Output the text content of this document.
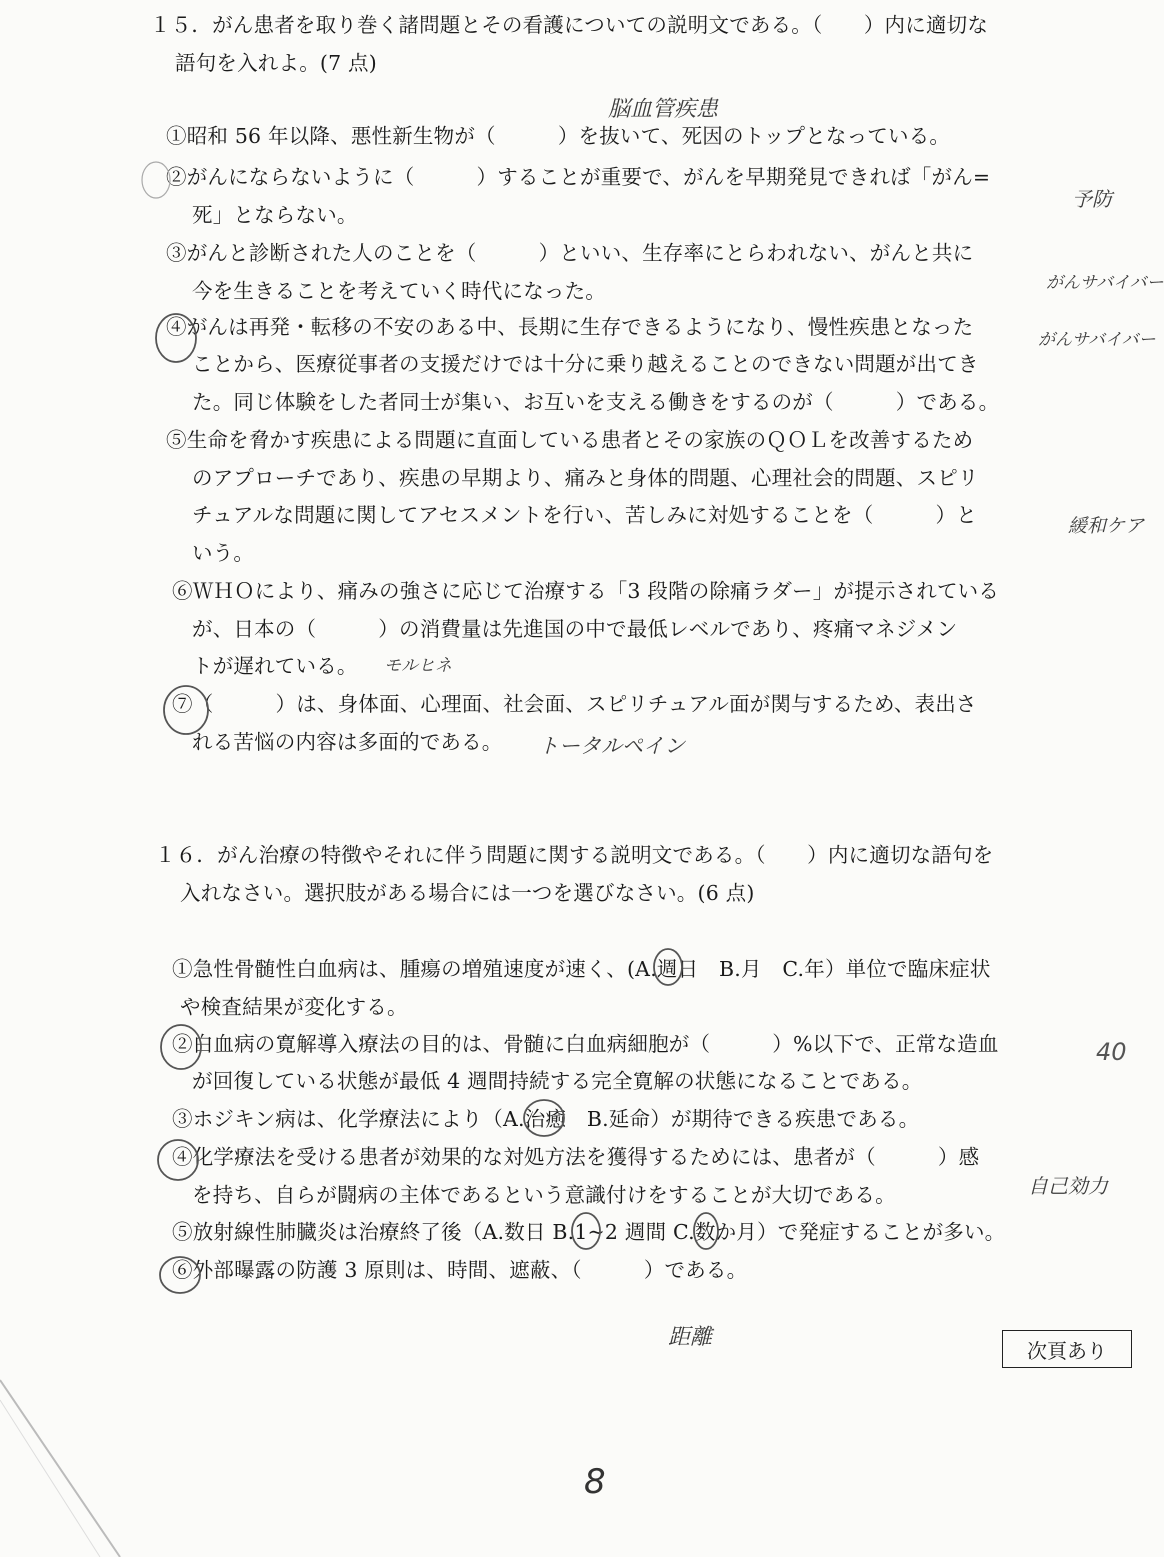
１５．がん患者を取り巻く諸問題とその看護についての説明文である。（　　）内に適切な
語句を入れよ。(7 点)
①昭和 56 年以降、悪性新生物が（　　　）を抜いて、死因のトップとなっている。
②がんにならないように（　　　）することが重要で、がんを早期発見できれば「がん=
死」とならない。
③がんと診断された人のことを（　　　）といい、生存率にとらわれない、がんと共に
今を生きることを考えていく時代になった。
④がんは再発・転移の不安のある中、長期に生存できるようになり、慢性疾患となった
ことから、医療従事者の支援だけでは十分に乗り越えることのできない問題が出てき
た。同じ体験をした者同士が集い、お互いを支える働きをするのが（　　　）である。
⑤生命を脅かす疾患による問題に直面している患者とその家族のＱＯＬを改善するため
のアプローチであり、疾患の早期より、痛みと身体的問題、心理社会的問題、スピリ
チュアルな問題に関してアセスメントを行い、苦しみに対処することを（　　　）と
いう。
⑥ＷＨＯにより、痛みの強さに応じて治療する「3 段階の除痛ラダー」が提示されている
が、日本の（　　　）の消費量は先進国の中で最低レベルであり、疼痛マネジメン
トが遅れている。
⑦（　　　）は、身体面、心理面、社会面、スピリチュアル面が関与するため、表出さ
れる苦悩の内容は多面的である。
１６．がん治療の特徴やそれに伴う問題に関する説明文である。（　　）内に適切な語句を
入れなさい。選択肢がある場合には一つを選びなさい。(6 点)
①急性骨髄性白血病は、腫瘍の増殖速度が速く、(A.週日　B.月　C.年）単位で臨床症状
や検査結果が変化する。
②白血病の寛解導入療法の目的は、骨髄に白血病細胞が（　　　）%以下で、正常な造血
が回復している状態が最低 4 週間持続する完全寛解の状態になることである。
③ホジキン病は、化学療法により（A.治癒　B.延命）が期待できる疾患である。
④化学療法を受ける患者が効果的な対処方法を獲得するためには、患者が（　　　）感
を持ち、自らが闘病の主体であるという意識付けをすることが大切である。
⑤放射線性肺臓炎は治療終了後（A.数日 B.1~2 週間 C.数か月）で発症することが多い。
⑥外部曝露の防護 3 原則は、時間、遮蔽、（　　　）である。
脳血管疾患
予防
がんサバイバー
がんサバイバー
緩和ケア
モルヒネ
トータルペイン
40
自己効力
距離
次頁あり
8
